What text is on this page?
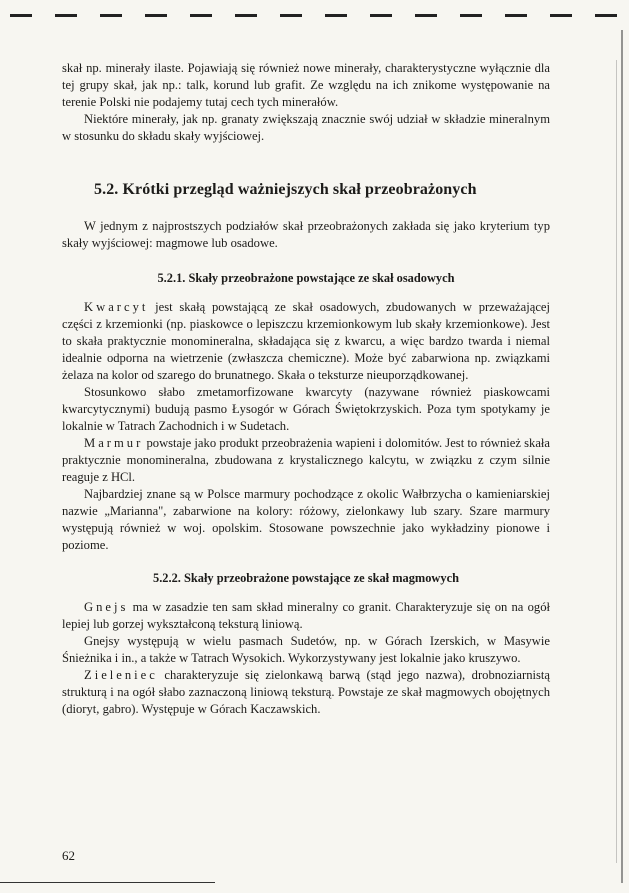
skał np. minerały ilaste. Pojawiają się również nowe minerały, charakterystyczne wyłącznie dla tej grupy skał, jak np.: talk, korund lub grafit. Ze względu na ich znikome występowanie na terenie Polski nie podajemy tutaj cech tych minerałów.

Niektóre minerały, jak np. granaty zwiększają znacznie swój udział w składzie mineralnym w stosunku do składu skały wyjściowej.

5.2. Krótki przegląd ważniejszych skał przeobrażonych

W jednym z najprostszych podziałów skał przeobrażonych zakłada się jako kryterium typ skały wyjściowej: magmowe lub osadowe.

5.2.1. Skały przeobrażone powstające ze skał osadowych

Kwarcyt jest skałą powstającą ze skał osadowych, zbudowanych w przeważającej części z krzemionki (np. piaskowce o lepiszczu krzemionkowym lub skały krzemionkowe). Jest to skała praktycznie monomineralna, składająca się z kwarcu, a więc bardzo twarda i niemal idealnie odporna na wietrzenie (zwłaszcza chemiczne). Może być zabarwiona np. związkami żelaza na kolor od szarego do brunatnego. Skała o teksturze nieuporządkowanej.

Stosunkowo słabo zmetamorfizowane kwarcyty (nazywane również piaskowcami kwarcytycznymi) budują pasmo Łysogór w Górach Świętokrzyskich. Poza tym spotykamy je lokalnie w Tatrach Zachodnich i w Sudetach.

Marmur powstaje jako produkt przeobrażenia wapieni i dolomitów. Jest to również skała praktycznie monomineralna, zbudowana z krystalicznego kalcytu, w związku z czym silnie reaguje z HCl.

Najbardziej znane są w Polsce marmury pochodzące z okolic Wałbrzycha o kamieniarskiej nazwie „Marianna", zabarwione na kolory: różowy, zielonkawy lub szary. Szare marmury występują również w woj. opolskim. Stosowane powszechnie jako wykładziny pionowe i poziome.

5.2.2. Skały przeobrażone powstające ze skał magmowych

Gnejs ma w zasadzie ten sam skład mineralny co granit. Charakteryzuje się on na ogół lepiej lub gorzej wykształconą teksturą liniową.

Gnejsy występują w wielu pasmach Sudetów, np. w Górach Izerskich, w Masywie Śnieżnika i in., a także w Tatrach Wysokich. Wykorzystywany jest lokalnie jako kruszywo.

Zieleniec charakteryzuje się zielonkawą barwą (stąd jego nazwa), drobnoziarnistą strukturą i na ogół słabo zaznaczoną liniową teksturą. Powstaje ze skał magmowych obojętnych (dioryt, gabro). Występuje w Górach Kaczawskich.

62
